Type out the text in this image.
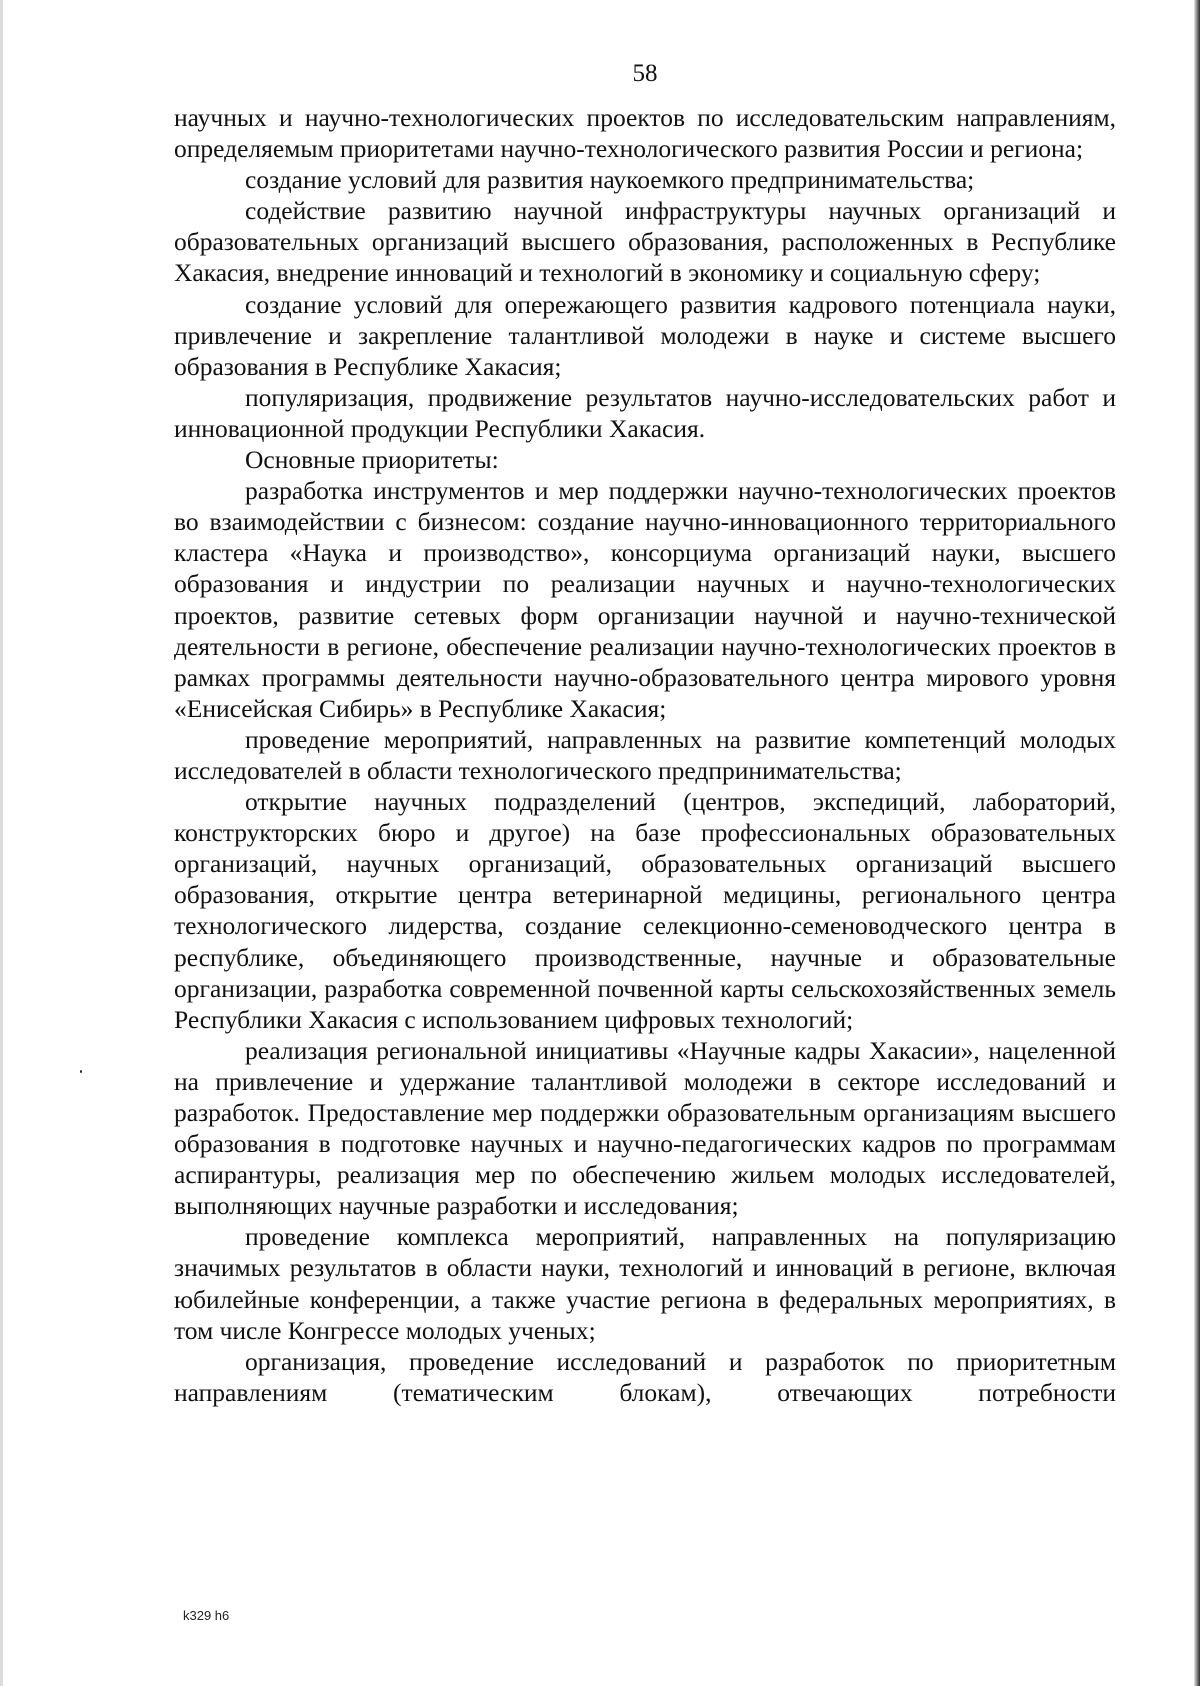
58

научных и научно-технологических проектов по исследовательским направлениям, определяемым приоритетами научно-технологического развития России и региона;

создание условий для развития наукоемкого предпринимательства;

содействие развитию научной инфраструктуры научных организаций и образовательных организаций высшего образования, расположенных в Республике Хакасия, внедрение инноваций и технологий в экономику и социальную сферу;

создание условий для опережающего развития кадрового потенциала науки, привлечение и закрепление талантливой молодежи в науке и системе высшего образования в Республике Хакасия;

популяризация, продвижение результатов научно-исследовательских работ и инновационной продукции Республики Хакасия.

Основные приоритеты:

разработка инструментов и мер поддержки научно-технологических проектов во взаимодействии с бизнесом: создание научно-инновационного территориального кластера «Наука и производство», консорциума организаций науки, высшего образования и индустрии по реализации научных и научно-технологических проектов, развитие сетевых форм организации научной и научно-технической деятельности в регионе, обеспечение реализации научно-технологических проектов в рамках программы деятельности научно-образовательного центра мирового уровня «Енисейская Сибирь» в Республике Хакасия;

проведение мероприятий, направленных на развитие компетенций молодых исследователей в области технологического предпринимательства;

открытие научных подразделений (центров, экспедиций, лабораторий, конструкторских бюро и другое) на базе профессиональных образовательных организаций, научных организаций, образовательных организаций высшего образования, открытие центра ветеринарной медицины, регионального центра технологического лидерства, создание селекционно-семеноводческого центра в республике, объединяющего производственные, научные и образовательные организации, разработка современной почвенной карты сельскохозяйственных земель Республики Хакасия с использованием цифровых технологий;

реализация региональной инициативы «Научные кадры Хакасии», нацеленной на привлечение и удержание талантливой молодежи в секторе исследований и разработок. Предоставление мер поддержки образовательным организациям высшего образования в подготовке научных и научно-педагогических кадров по программам аспирантуры, реализация мер по обеспечению жильем молодых исследователей, выполняющих научные разработки и исследования;

проведение комплекса мероприятий, направленных на популяризацию значимых результатов в области науки, технологий и инноваций в регионе, включая юбилейные конференции, а также участие региона в федеральных мероприятиях, в том числе Конгрессе молодых ученых;

организация, проведение исследований и разработок по приоритетным направлениям (тематическим блокам), отвечающих потребности

k329 h6
